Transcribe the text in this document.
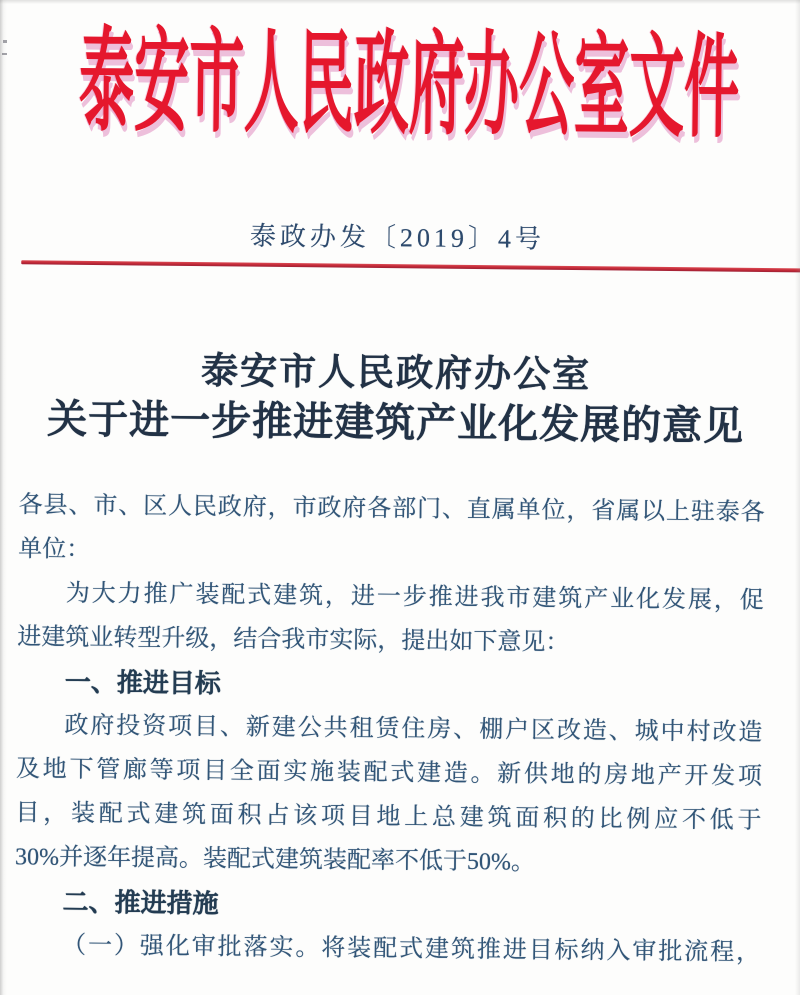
泰安市人民政府办公室文件
泰政办发〔2019〕4号
泰安市人民政府办公室
关于进一步推进建筑产业化发展的意见
各县、市、区人民政府，市政府各部门、直属单位，省属以上驻泰各
单位：
为大力推广装配式建筑，进一步推进我市建筑产业化发展，促
进建筑业转型升级，结合我市实际，提出如下意见：
一、推进目标
政府投资项目、新建公共租赁住房、棚户区改造、城中村改造
及地下管廊等项目全面实施装配式建造。新供地的房地产开发项
目，装配式建筑面积占该项目地上总建筑面积的比例应不低于
30%并逐年提高。装配式建筑装配率不低于50%。
二、推进措施
（一）强化审批落实。将装配式建筑推进目标纳入审批流程，
